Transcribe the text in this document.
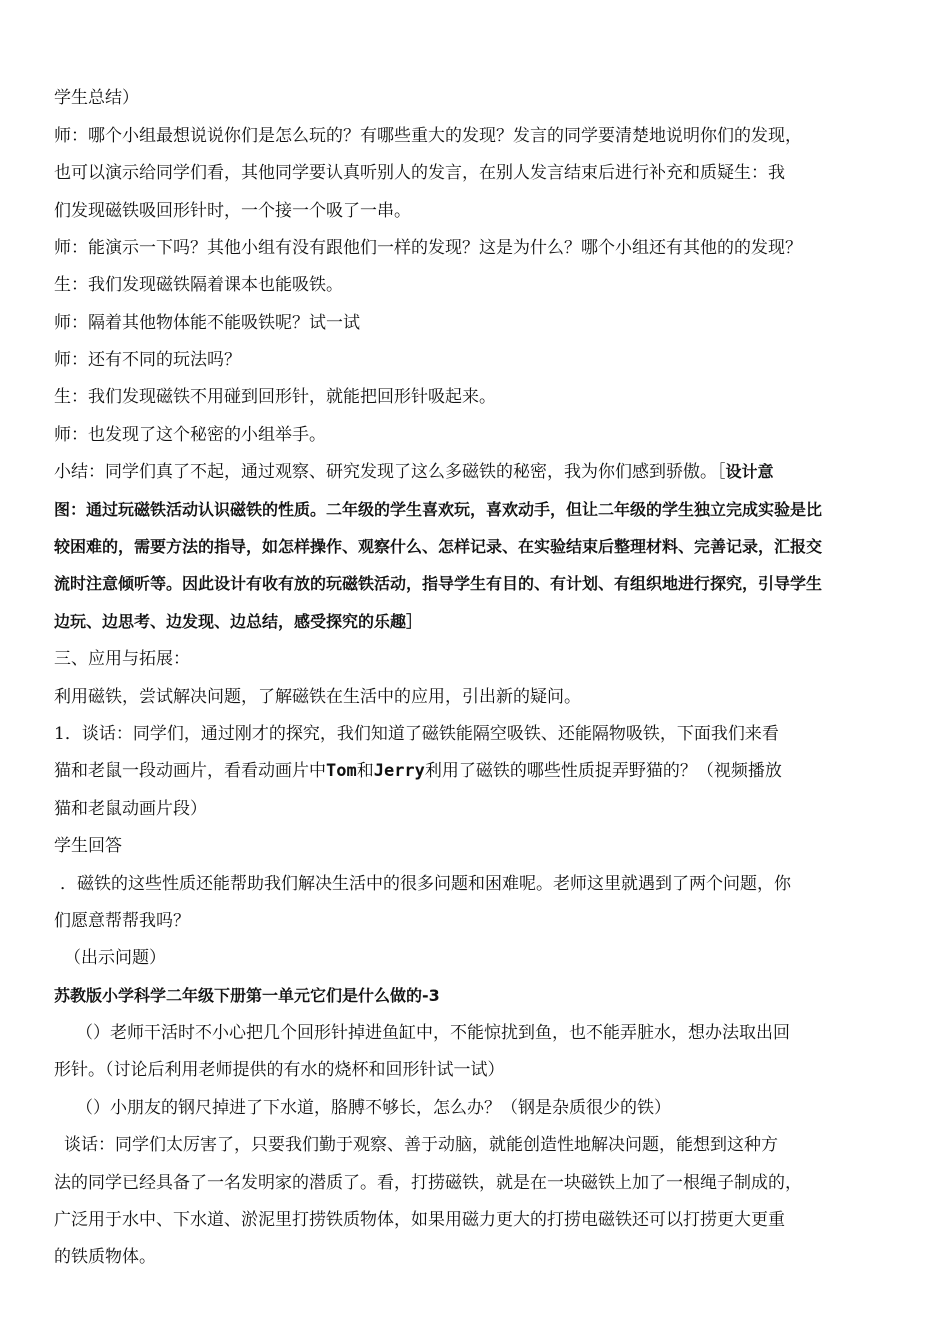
学生总结）
师：哪个小组最想说说你们是怎么玩的？有哪些重大的发现？发言的同学要清楚地说明你们的发现，
也可以演示给同学们看，其他同学要认真听别人的发言，在别人发言结束后进行补充和质疑生：我
们发现磁铁吸回形针时，一个接一个吸了一串。
师：能演示一下吗？其他小组有没有跟他们一样的发现？这是为什么？哪个小组还有其他的的发现？
生：我们发现磁铁隔着课本也能吸铁。
师：隔着其他物体能不能吸铁呢？试一试
师：还有不同的玩法吗？
生：我们发现磁铁不用碰到回形针，就能把回形针吸起来。
师：也发现了这个秘密的小组举手。
小结：同学们真了不起，通过观察、研究发现了这么多磁铁的秘密，我为你们感到骄傲。［设计意
图：通过玩磁铁活动认识磁铁的性质。二年级的学生喜欢玩，喜欢动手，但让二年级的学生独立完成实验是比
较困难的，需要方法的指导，如怎样操作、观察什么、怎样记录、在实验结束后整理材料、完善记录，汇报交
流时注意倾听等。因此设计有收有放的玩磁铁活动，指导学生有目的、有计划、有组织地进行探究，引导学生
边玩、边思考、边发现、边总结，感受探究的乐趣］
三、应用与拓展：
利用磁铁，尝试解决问题，了解磁铁在生活中的应用，引出新的疑问。
1．谈话：同学们，通过刚才的探究，我们知道了磁铁能隔空吸铁、还能隔物吸铁，下面我们来看
猫和老鼠一段动画片，看看动画片中Tom和Jerry利用了磁铁的哪些性质捉弄野猫的？（视频播放
猫和老鼠动画片段）
学生回答
．磁铁的这些性质还能帮助我们解决生活中的很多问题和困难呢。老师这里就遇到了两个问题，你
们愿意帮帮我吗？
（出示问题）
苏教版小学科学二年级下册第一单元它们是什么做的-3
（）老师干活时不小心把几个回形针掉进鱼缸中，不能惊扰到鱼，也不能弄脏水，想办法取出回
形针。（讨论后利用老师提供的有水的烧杯和回形针试一试）
（）小朋友的钢尺掉进了下水道，胳膊不够长，怎么办？（钢是杂质很少的铁）
谈话：同学们太厉害了，只要我们勤于观察、善于动脑，就能创造性地解决问题，能想到这种方
法的同学已经具备了一名发明家的潜质了。看，打捞磁铁，就是在一块磁铁上加了一根绳子制成的，
广泛用于水中、下水道、淤泥里打捞铁质物体，如果用磁力更大的打捞电磁铁还可以打捞更大更重
的铁质物体。
